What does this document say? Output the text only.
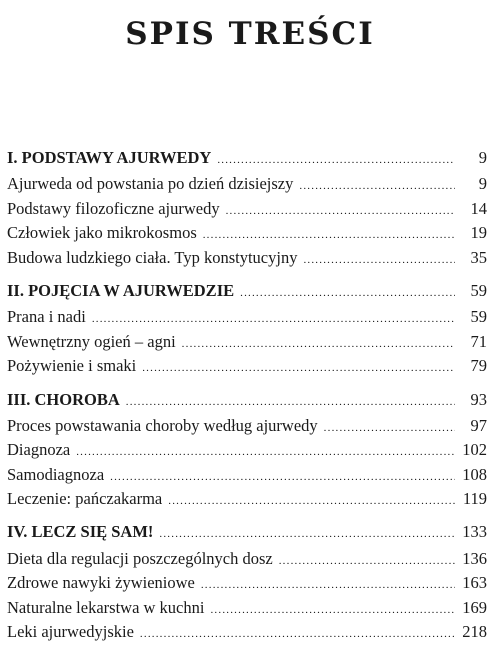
SPIS TREŚCI
I. PODSTAWY AJURWEDY .....	9
Ajurweda od powstania po dzień dzisiejszy .....	9
Podstawy filozoficzne ajurwedy .....	14
Człowiek jako mikrokosmos .....	19
Budowa ludzkiego ciała. Typ konstytucyjny .....	35
II. POJĘCIA W AJURWEDZIE .....	59
Prana i nadi .....	59
Wewnętrzny ogień – agni .....	71
Pożywienie i smaki .....	79
III. CHOROBA .....	93
Proces powstawania choroby według ajurwedy .....	97
Diagnoza .....	102
Samodiagnoza .....	108
Leczenie: pańczakarma .....	119
IV. LECZ SIĘ SAM! .....	133
Dieta dla regulacji poszczególnych dosz .....	136
Zdrowe nawyki żywieniowe .....	163
Naturalne lekarstwa w kuchni .....	169
Leki ajurwedyjskie .....	218
